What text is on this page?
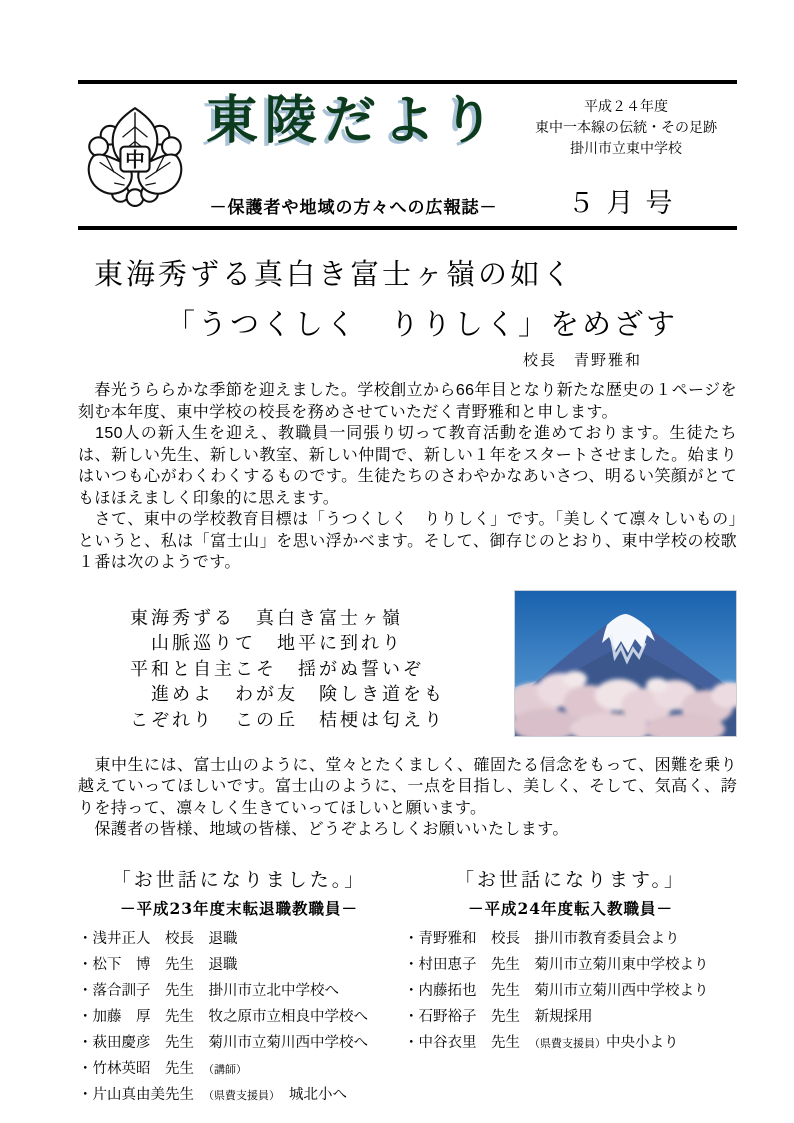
中
東陵だより
－保護者や地域の方々への広報誌－
平成２４年度
東中一本線の伝統・その足跡
掛川市立東中学校
５月号
東海秀ずる真白き富士ヶ嶺の如く
「うつくしく　りりしく」をめざす
校長　青野雅和

　春光うららかな季節を迎えました。学校創立から66年目となり新たな歴史の１ページを刻む本年度、東中学校の校長を務めさせていただく青野雅和と申します。

　150人の新入生を迎え、教職員一同張り切って教育活動を進めております。生徒たちは、新しい先生、新しい教室、新しい仲間で、新しい１年をスタートさせました。始まりはいつも心がわくわくするものです。生徒たちのさわやかなあいさつ、明るい笑顔がとてもほほえましく印象的に思えます。

　さて、東中の学校教育目標は「うつくしく　りりしく」です。「美しくて凛々しいもの」というと、私は「富士山」を思い浮かべます。そして、御存じのとおり、東中学校の校歌１番は次のようです。

東海秀ずる　真白き富士ヶ嶺
　山脈巡りて　地平に到れり
平和と自主こそ　揺がぬ誓いぞ
　進めよ　わが友　険しき道をも
こぞれり　この丘　桔梗は匂えり

　東中生には、富士山のように、堂々とたくましく、確固たる信念をもって、困難を乗り越えていってほしいです。富士山のように、一点を目指し、美しく、そして、気高く、誇りを持って、凛々しく生きていってほしいと願います。

　保護者の皆様、地域の皆様、どうぞよろしくお願いいたします。

「お世話になりました。」
－平成23年度末転退職教職員－
・浅井正人　校長　退職
・松下　博　先生　退職
・落合訓子　先生　掛川市立北中学校へ
・加藤　厚　先生　牧之原市立相良中学校へ
・萩田慶彦　先生　菊川市立菊川西中学校へ
・竹林英昭　先生　（講師）
・片山真由美先生　（県費支援員）　城北小へ
「お世話になります。」
－平成24年度転入教職員－
・青野雅和　校長　掛川市教育委員会より
・村田恵子　先生　菊川市立菊川東中学校より
・内藤拓也　先生　菊川市立菊川西中学校より
・石野裕子　先生　新規採用
・中谷衣里　先生　（県費支援員）中央小より
